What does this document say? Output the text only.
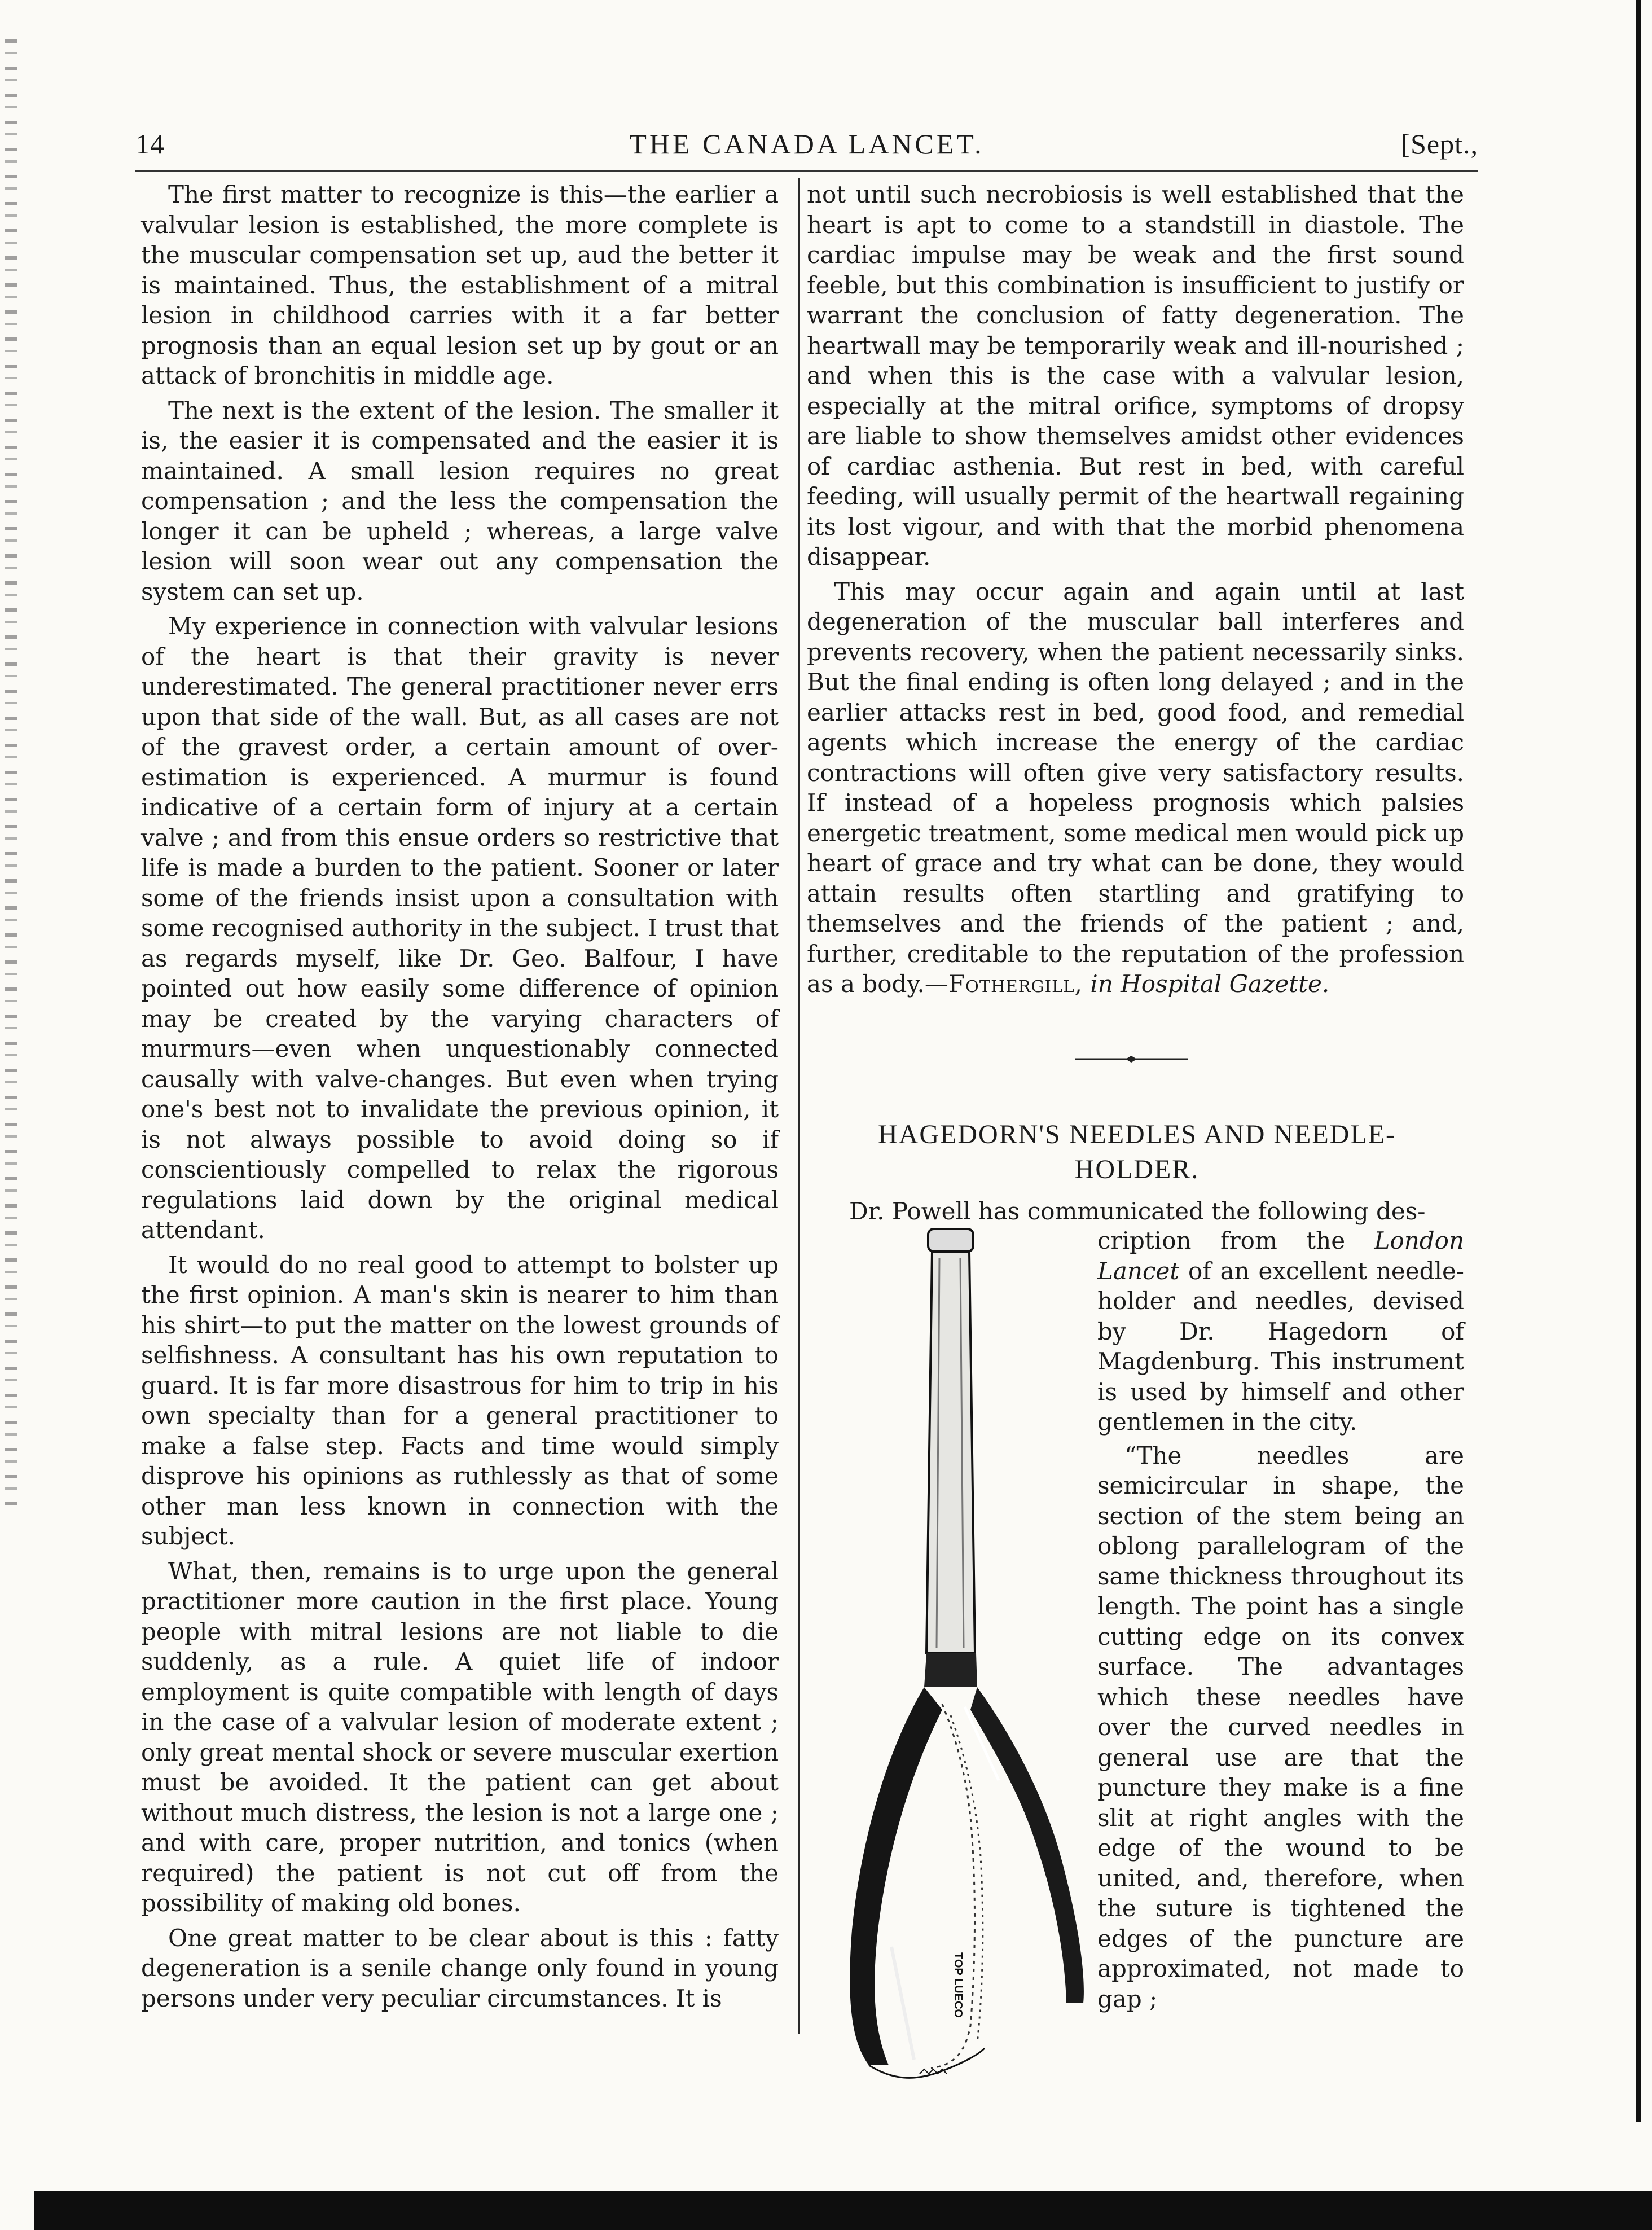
14	THE CANADA LANCET.	[Sept.,

The first matter to recognize is this—the earlier a valvular lesion is established, the more complete is the muscular compensation set up, aud the better it is maintained. Thus, the establishment of a mitral lesion in childhood carries with it a far better prognosis than an equal lesion set up by gout or an attack of bronchitis in middle age.

The next is the extent of the lesion. The smaller it is, the easier it is compensated and the easier it is maintained. A small lesion requires no great compensation ; and the less the compensation the longer it can be upheld ; whereas, a large valve lesion will soon wear out any compensation the system can set up.

My experience in connection with valvular lesions of the heart is that their gravity is never underestimated. The general practitioner never errs upon that side of the wall. But, as all cases are not of the gravest order, a certain amount of over-estimation is experienced. A murmur is found indicative of a certain form of injury at a certain valve ; and from this ensue orders so restrictive that life is made a burden to the patient. Sooner or later some of the friends insist upon a consultation with some recognised authority in the subject. I trust that as regards myself, like Dr. Geo. Balfour, I have pointed out how easily some difference of opinion may be created by the varying characters of murmurs—even when unquestionably connected causally with valve-changes. But even when trying one's best not to invalidate the previous opinion, it is not always possible to avoid doing so if conscientiously compelled to relax the rigorous regulations laid down by the original medical attendant.

It would do no real good to attempt to bolster up the first opinion. A man's skin is nearer to him than his shirt—to put the matter on the lowest grounds of selfishness. A consultant has his own reputation to guard. It is far more disastrous for him to trip in his own specialty than for a general practitioner to make a false step. Facts and time would simply disprove his opinions as ruthlessly as that of some other man less known in connection with the subject.

What, then, remains is to urge upon the general practitioner more caution in the first place. Young people with mitral lesions are not liable to die suddenly, as a rule. A quiet life of indoor employment is quite compatible with length of days in the case of a valvular lesion of moderate extent ; only great mental shock or severe muscular exertion must be avoided. It the patient can get about without much distress, the lesion is not a large one ; and with care, proper nutrition, and tonics (when required) the patient is not cut off from the possibility of making old bones.

One great matter to be clear about is this : fatty degeneration is a senile change only found in young persons under very peculiar circumstances. It is

not until such necrobiosis is well established that the heart is apt to come to a standstill in diastole. The cardiac impulse may be weak and the first sound feeble, but this combination is insufficient to justify or warrant the conclusion of fatty degeneration. The heartwall may be temporarily weak and ill-nourished ; and when this is the case with a valvular lesion, especially at the mitral orifice, symptoms of dropsy are liable to show themselves amidst other evidences of cardiac asthenia. But rest in bed, with careful feeding, will usually permit of the heartwall regaining its lost vigour, and with that the morbid phenomena disappear.

This may occur again and again until at last degeneration of the muscular ball interferes and prevents recovery, when the patient necessarily sinks. But the final ending is often long delayed ; and in the earlier attacks rest in bed, good food, and remedial agents which increase the energy of the cardiac contractions will often give very satisfactory results. If instead of a hopeless prognosis which palsies energetic treatment, some medical men would pick up heart of grace and try what can be done, they would attain results often startling and gratifying to themselves and the friends of the patient ; and, further, creditable to the reputation of the profession as a body.—Fothergill, in Hospital Gazette.

HAGEDORN'S NEEDLES AND NEEDLE-HOLDER.
Dr. Powell has communicated the following des-
TOP LUECO

cription from the London Lancet of an excellent needle-holder and needles, devised by Dr. Hagedorn of Magdenburg. This instrument is used by himself and other gentlemen in the city.

“The needles are semicircular in shape, the section of the stem being an oblong parallelogram of the same thickness throughout its length. The point has a single cutting edge on its convex surface. The advantages which these needles have over the curved needles in general use are that the puncture they make is a fine slit at right angles with the edge of the wound to be united, and, therefore, when the suture is tightened the edges of the puncture are approximated, not made to gap ;
